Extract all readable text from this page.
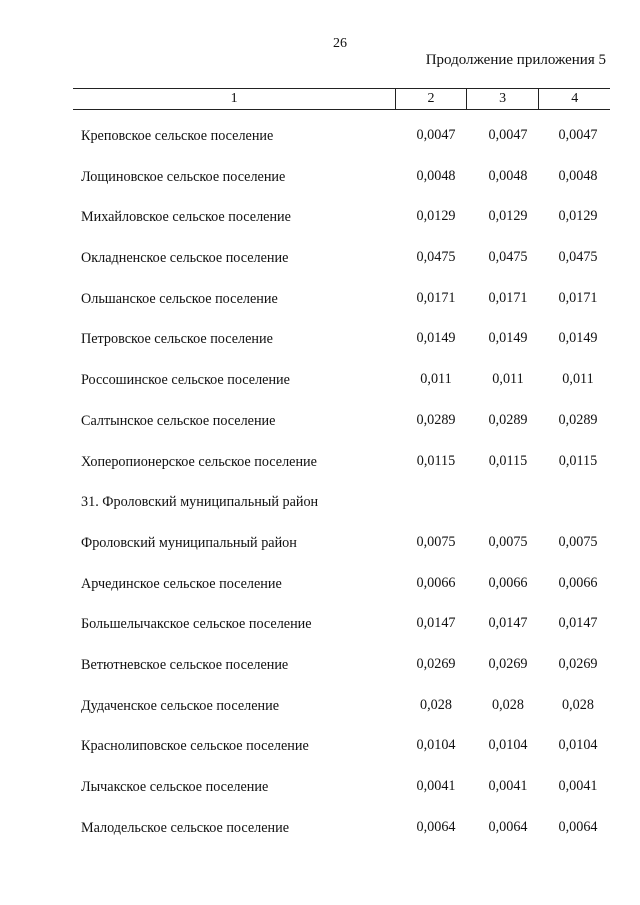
26
Продолжение приложения 5
1	2	3	4
Креповское сельское поселение	0,0047	0,0047	0,0047
Лощиновское сельское поселение	0,0048	0,0048	0,0048
Михайловское сельское поселение	0,0129	0,0129	0,0129
Окладненское сельское поселение	0,0475	0,0475	0,0475
Ольшанское сельское поселение	0,0171	0,0171	0,0171
Петровское сельское поселение	0,0149	0,0149	0,0149
Россошинское сельское поселение	0,011	0,011	0,011
Салтынское сельское поселение	0,0289	0,0289	0,0289
Хоперопионерское сельское поселение	0,0115	0,0115	0,0115
31. Фроловский муниципальный район
Фроловский муниципальный район	0,0075	0,0075	0,0075
Арчединское сельское поселение	0,0066	0,0066	0,0066
Большелычакское сельское поселение	0,0147	0,0147	0,0147
Ветютневское сельское поселение	0,0269	0,0269	0,0269
Дудаченское сельское поселение	0,028	0,028	0,028
Краснолиповское сельское поселение	0,0104	0,0104	0,0104
Лычакское сельское поселение	0,0041	0,0041	0,0041
Малодельское сельское поселение	0,0064	0,0064	0,0064
